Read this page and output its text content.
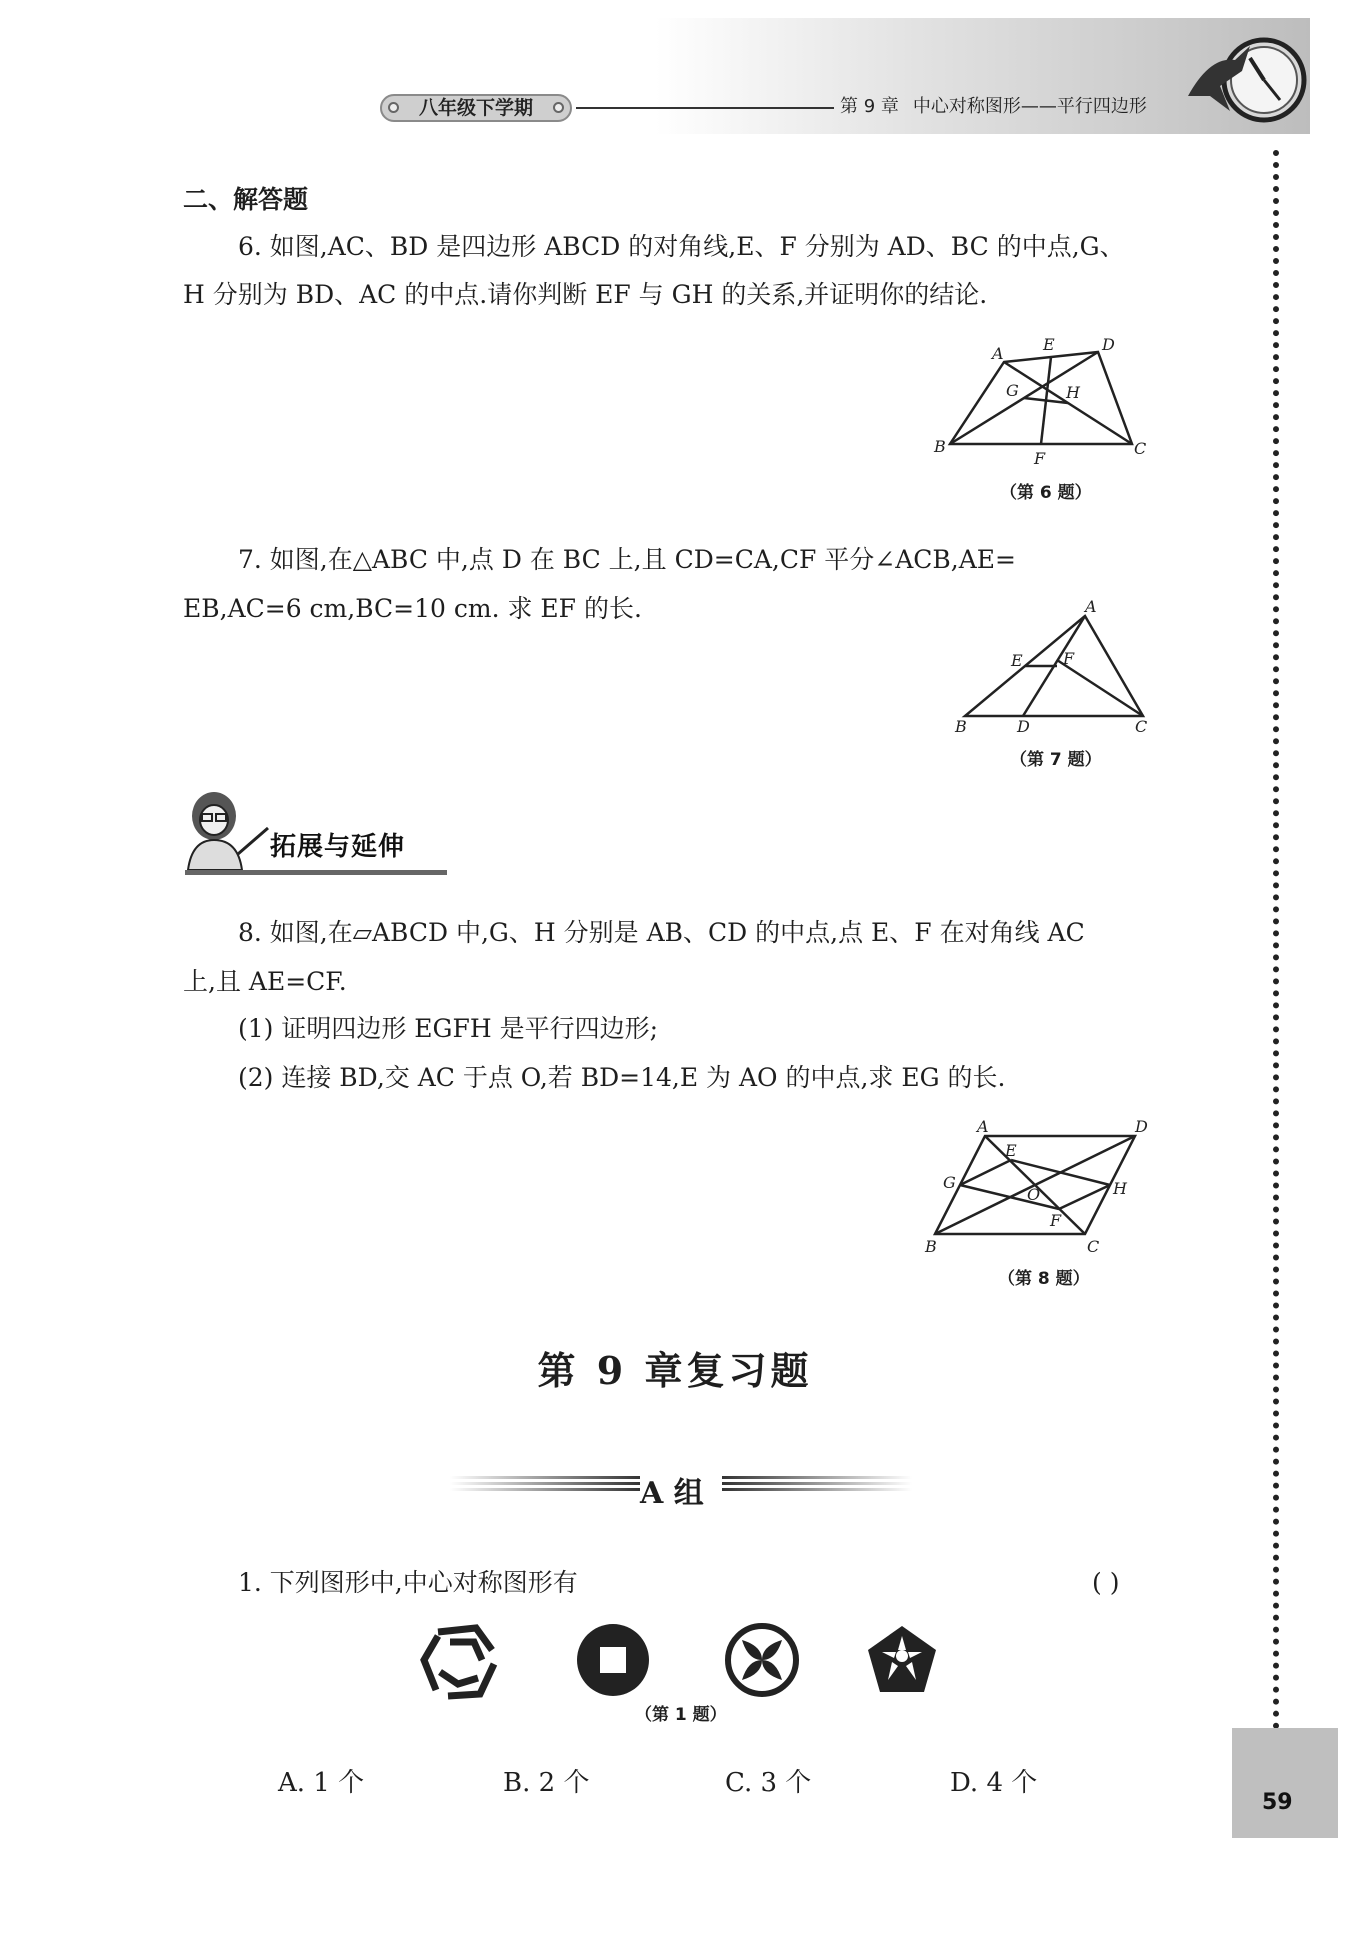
八年级下学期	第 9 章 中心对称图形——平行四边形
59
二、解答题
6. 如图,AC、BD 是四边形 ABCD 的对角线,E、F 分别为 AD、BC 的中点,G、
H 分别为 BD、AC 的中点.请你判断 EF 与 GH 的关系,并证明你的结论.
A E	D
G	H
B	C
F
（第 6 题）
7. 如图,在△ABC 中,点 D 在 BC 上,且 CD=CA,CF 平分∠ACB,AE=
EB,AC=6 cm,BC=10 cm. 求 EF 的长.	A
E	F
B	D	C
（第 7 题）
拓展与延伸
8. 如图,在▱ABCD 中,G、H 分别是 AB、CD 的中点,点 E、F 在对角线 AC
上,且 AE=CF.
(1) 证明四边形 EGFH 是平行四边形;
(2) 连接 BD,交 AC 于点 O,若 BD=14,E 为 AO 的中点,求 EG 的长.
A	D
E
G
O	H
F
B	C
（第 8 题）
第 9 章复习题
A 组
1. 下列图形中,中心对称图形有	( )
（第 1 题）
A. 1 个	B. 2 个	C. 3 个	D. 4 个
